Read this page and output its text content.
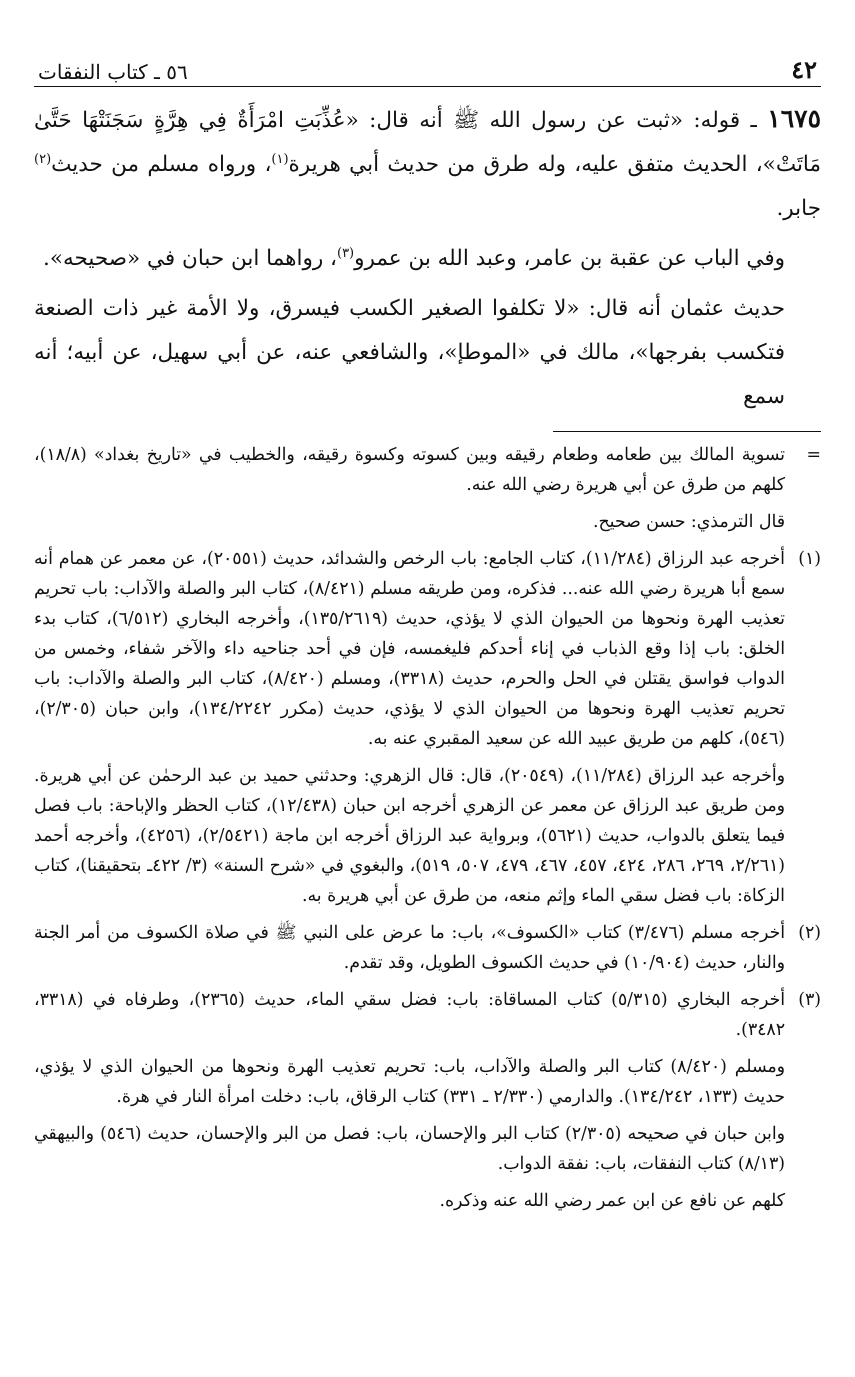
٤٢
٥٦ ـ كتاب النفقات

١٦٧٥ ـ قوله: «ثبت عن رسول الله ﷺ أنه قال: «عُذِّبَتِ امْرَأَةٌ فِي هِرَّةٍ سَجَنَتْهَا حَتَّىٰ مَاتَتْ»، الحديث متفق عليه، وله طرق من حديث أبي هريرة$^{(١)}$، ورواه مسلم من حديث$^{(٢)}$ جابر.

وفي الباب عن عقبة بن عامر، وعبد الله بن عمرو$^{(٣)}$، رواهما ابن حبان في «صحيحه».

حديث عثمان أنه قال: «لا تكلفوا الصغير الكسب فيسرق، ولا الأمة غير ذات الصنعة فتكسب بفرجها»، مالك في «الموطإ»، والشافعي عنه، عن أبي سهيل، عن أبيه؛ أنه سمع

=
تسوية المالك بين طعامه وطعام رقيقه وبين كسوته وكسوة رقيقه، والخطيب في «تاريخ بغداد» (١٨/٨)، كلهم من طرق عن أبي هريرة رضي الله عنه.

قال الترمذي: حسن صحيح.

(١)
أخرجه عبد الرزاق (١١/٢٨٤)، كتاب الجامع: باب الرخص والشدائد، حديث (٢٠٥٥١)، عن معمر عن همام أنه سمع أبا هريرة رضي الله عنه... فذكره، ومن طريقه مسلم (٨/٤٢١)، كتاب البر والصلة والآداب: باب تحريم تعذيب الهرة ونحوها من الحيوان الذي لا يؤذي، حديث (١٣٥/٢٦١٩)، وأخرجه البخاري (٦/٥١٢)، كتاب بدء الخلق: باب إذا وقع الذباب في إناء أحدكم فليغمسه، فإن في أحد جناحيه داء والآخر شفاء، وخمس من الدواب فواسق يقتلن في الحل والحرم، حديث (٣٣١٨)، ومسلم (٨/٤٢٠)، كتاب البر والصلة والآداب: باب تحريم تعذيب الهرة ونحوها من الحيوان الذي لا يؤذي، حديث (مكرر ١٣٤/٢٢٤٢)، وابن حبان (٢/٣٠٥)، (٥٤٦)، كلهم من طريق عبيد الله عن سعيد المقبري عنه به.

وأخرجه عبد الرزاق (١١/٢٨٤)، (٢٠٥٤٩)، قال: قال الزهري: وحدثني حميد بن عبد الرحمٰن عن أبي هريرة. ومن طريق عبد الرزاق عن معمر عن الزهري أخرجه ابن حبان (١٢/٤٣٨)، كتاب الحظر والإباحة: باب فصل فيما يتعلق بالدواب، حديث (٥٦٢١)، وبرواية عبد الرزاق أخرجه ابن ماجة (٢/٥٤٢١)، (٤٢٥٦)، وأخرجه أحمد (٢/٢٦١، ٢٦٩، ٢٨٦، ٤٢٤، ٤٥٧، ٤٦٧، ٤٧٩، ٥٠٧، ٥١٩)، والبغوي في «شرح السنة» (٣/ ٤٢٢ـ بتحقيقنا)، كتاب الزكاة: باب فضل سقي الماء وإثم منعه، من طرق عن أبي هريرة به.

(٢)
أخرجه مسلم (٣/٤٧٦) كتاب «الكسوف»، باب: ما عرض على النبي ﷺ في صلاة الكسوف من أمر الجنة والنار، حديث (١٠/٩٠٤) في حديث الكسوف الطويل، وقد تقدم.

(٣)
أخرجه البخاري (٥/٣١٥) كتاب المساقاة: باب: فضل سقي الماء، حديث (٢٣٦٥)، وطرفاه في (٣٣١٨، ٣٤٨٢).

ومسلم (٨/٤٢٠) كتاب البر والصلة والآداب، باب: تحريم تعذيب الهرة ونحوها من الحيوان الذي لا يؤذي، حديث (١٣٣، ١٣٤/٢٤٢). والدارمي (٢/٣٣٠ ـ ٣٣١) كتاب الرقاق، باب: دخلت امرأة النار في هرة.

وابن حبان في صحيحه (٢/٣٠٥) كتاب البر والإحسان، باب: فصل من البر والإحسان، حديث (٥٤٦) والبيهقي (٨/١٣) كتاب النفقات، باب: نفقة الدواب.

كلهم عن نافع عن ابن عمر رضي الله عنه وذكره.
